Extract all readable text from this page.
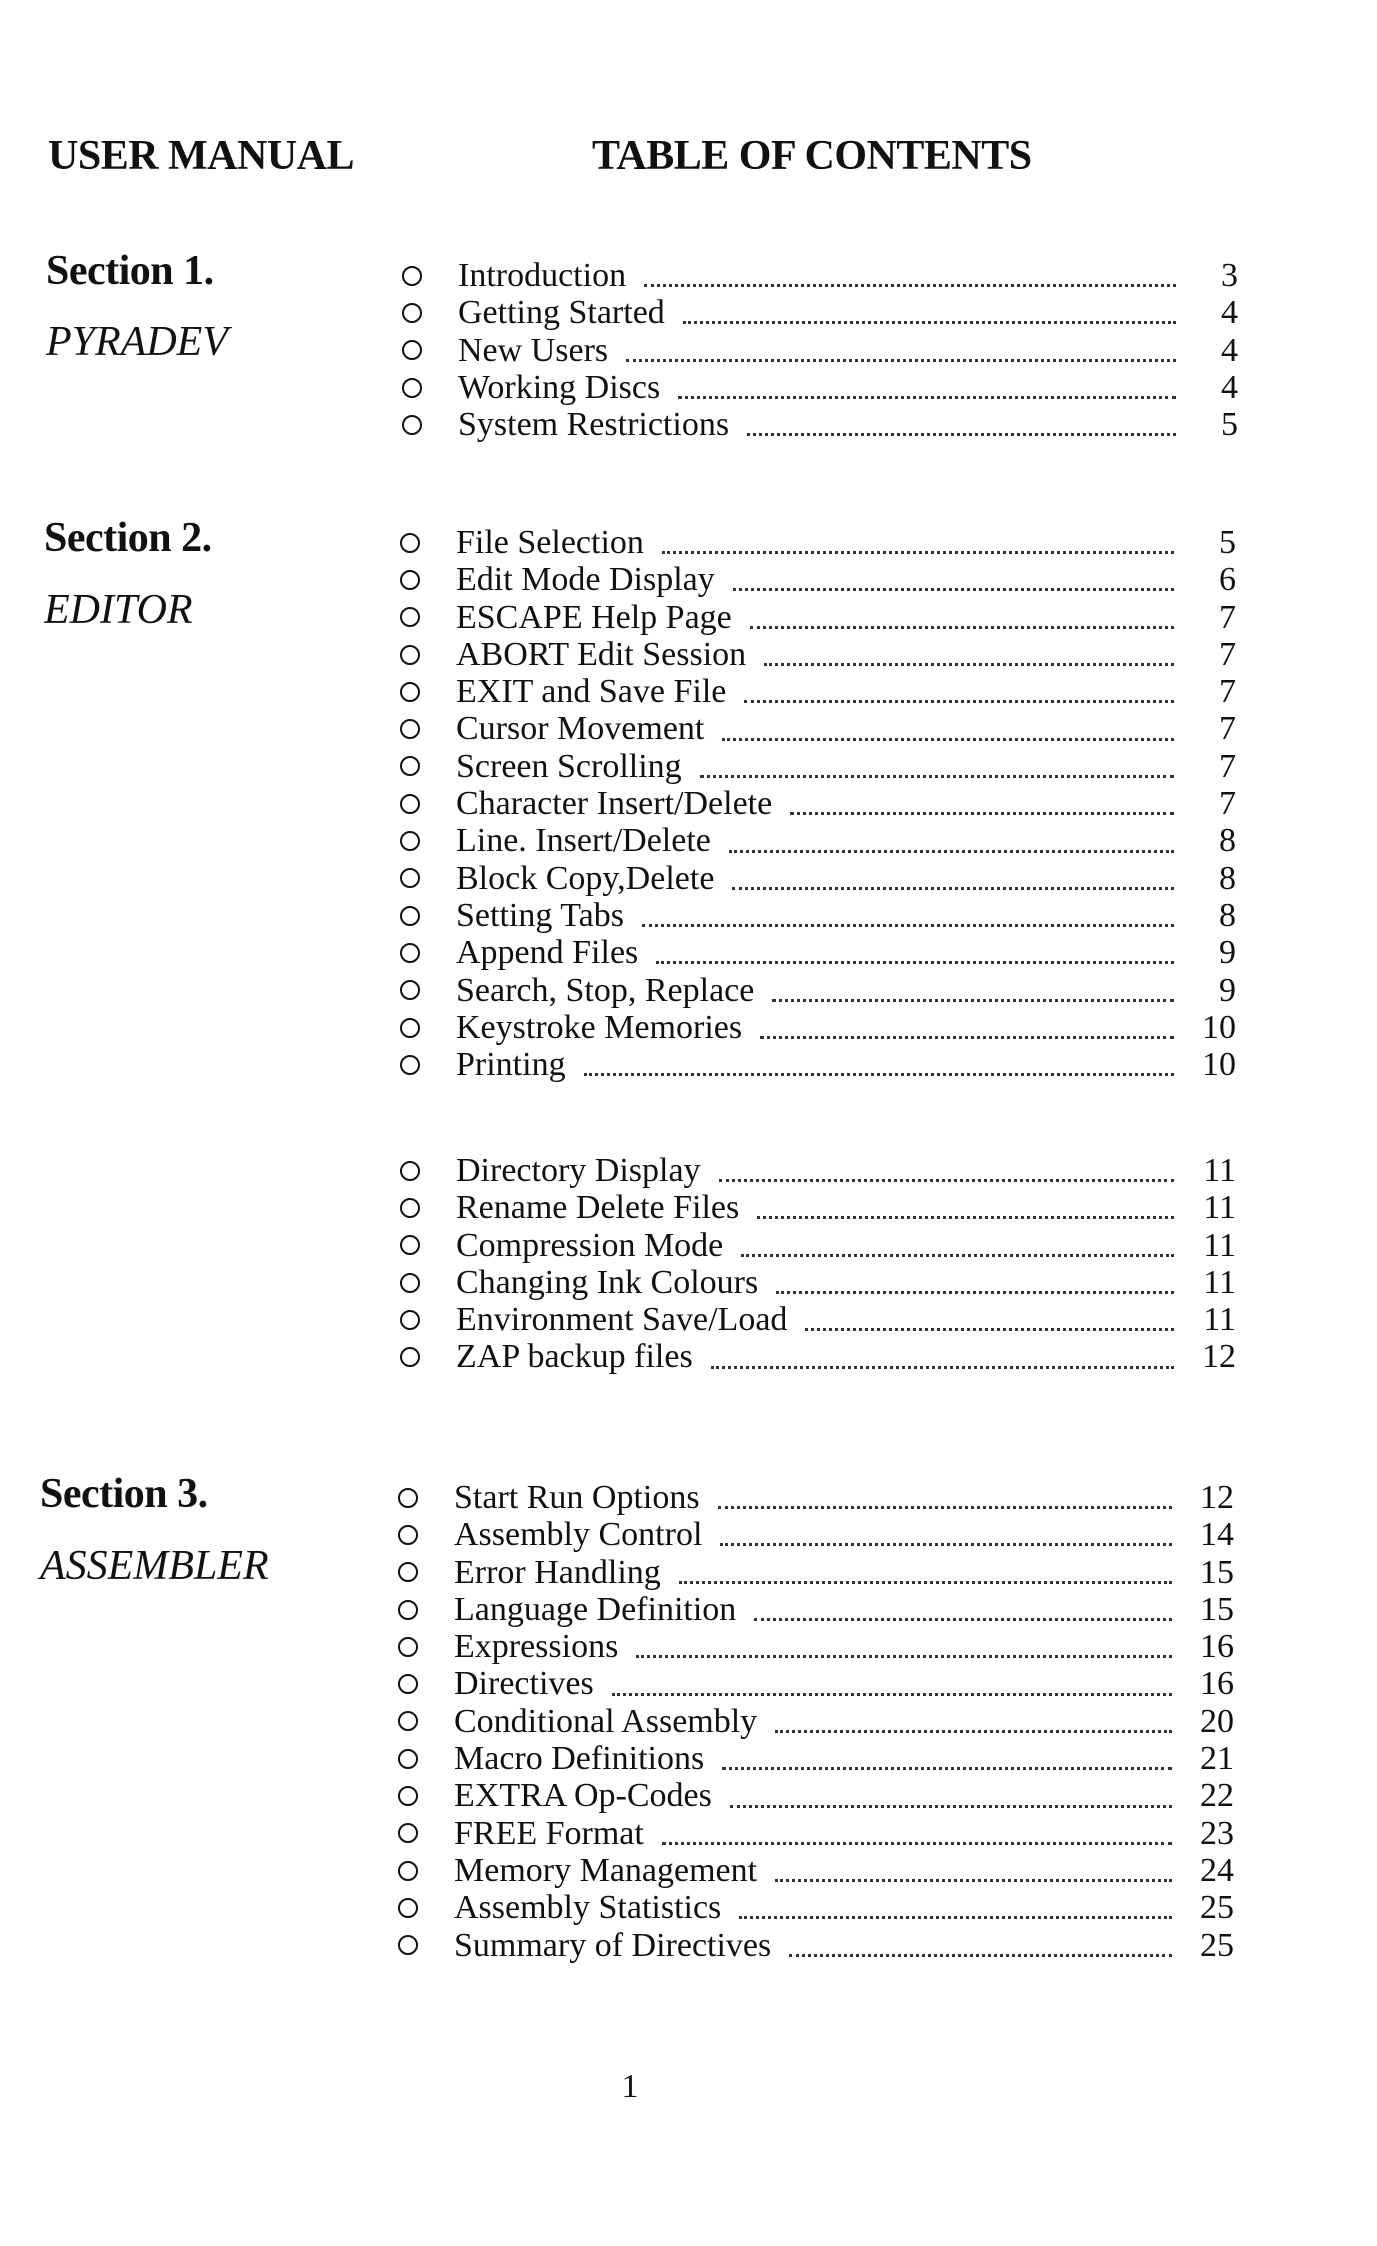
USER MANUAL	TABLE OF CONTENTS
Section 1.
PYRADEV
Introduction	3
Getting Started	4
New Users	4
Working Discs	4
System Restrictions	5
Section 2.
EDITOR
File Selection	5
Edit Mode Display	6
ESCAPE Help Page	7
ABORT Edit Session	7
EXIT and Save File	7
Cursor Movement	7
Screen Scrolling	7
Character Insert/Delete	7
Line. Insert/Delete	8
Block Copy,Delete	8
Setting Tabs	8
Append Files	9
Search, Stop, Replace	9
Keystroke Memories	10
Printing	10
Directory Display	11
Rename Delete Files	11
Compression Mode	11
Changing Ink Colours	11
Environment Save/Load	11
ZAP backup files	12
Section 3.
ASSEMBLER
Start Run Options	12
Assembly Control	14
Error Handling	15
Language Definition	15
Expressions	16
Directives	16
Conditional Assembly	20
Macro Definitions	21
EXTRA Op-Codes	22
FREE Format	23
Memory Management	24
Assembly Statistics	25
Summary of Directives	25
1
